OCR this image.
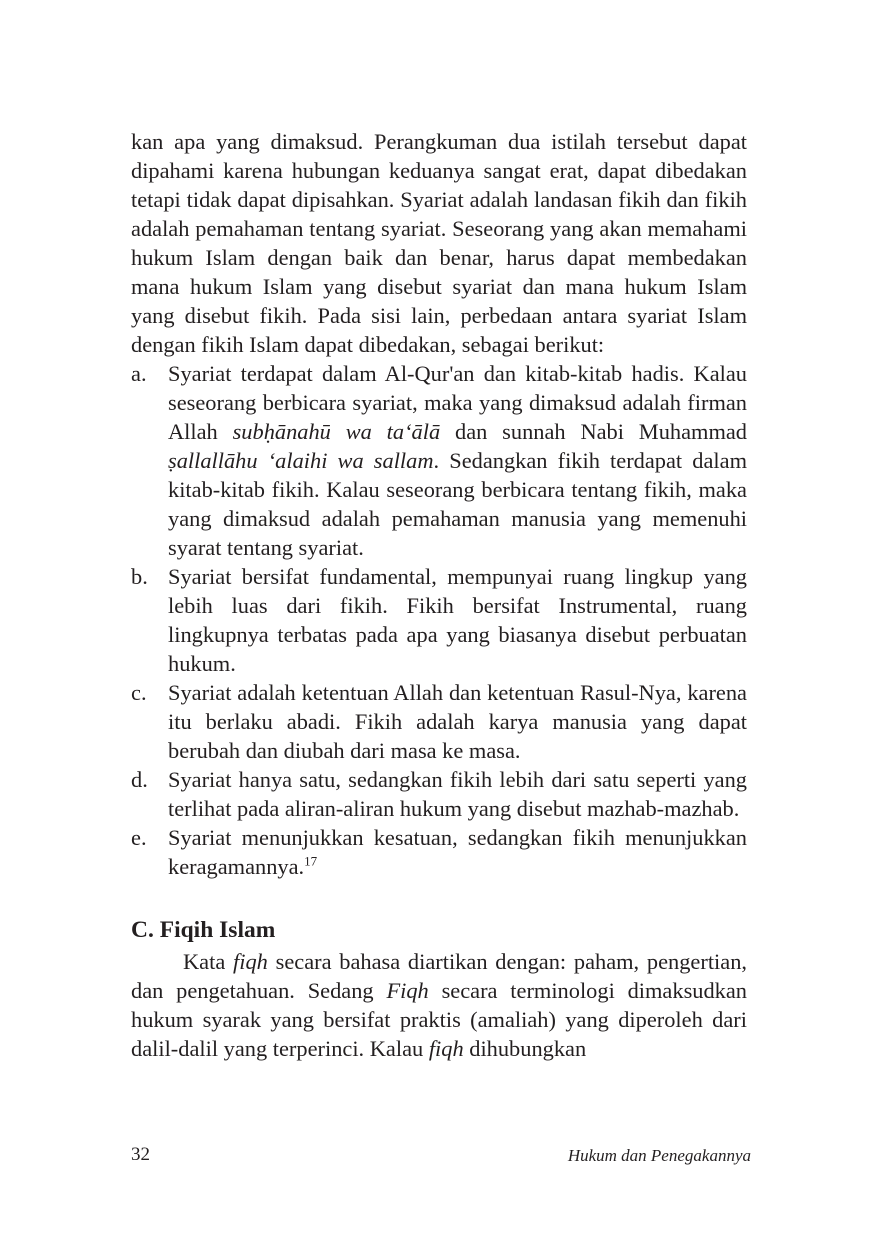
kan apa yang dimaksud. Perangkuman dua istilah tersebut dapat dipahami karena hubungan keduanya sangat erat, dapat dibedakan tetapi tidak dapat dipisahkan. Syariat adalah landasan fikih dan fikih adalah pemahaman tentang syariat. Seseorang yang akan memahami hukum Islam dengan baik dan benar, harus dapat membedakan mana hukum Islam yang disebut syariat dan mana hukum Islam yang disebut fikih. Pada sisi lain, perbedaan antara syariat Islam dengan fikih Islam dapat dibedakan, sebagai berikut:

a. Syariat terdapat dalam Al-Qur'an dan kitab-kitab hadis. Kalau seseorang berbicara syariat, maka yang dimaksud adalah firman Allah subḥānahū wa ta‘ālā dan sunnah Nabi Muhammad ṣallallāhu ‘alaihi wa sallam. Sedangkan fikih terdapat dalam kitab-kitab fikih. Kalau seseorang berbicara tentang fikih, maka yang dimaksud adalah pemahaman manusia yang memenuhi syarat tentang syariat.
b. Syariat bersifat fundamental, mempunyai ruang lingkup yang lebih luas dari fikih. Fikih bersifat Instrumental, ruang lingkupnya terbatas pada apa yang biasanya disebut perbuatan hukum.
c. Syariat adalah ketentuan Allah dan ketentuan Rasul-Nya, karena itu berlaku abadi. Fikih adalah karya manusia yang dapat berubah dan diubah dari masa ke masa.
d. Syariat hanya satu, sedangkan fikih lebih dari satu seperti yang terlihat pada aliran-aliran hukum yang disebut mazhab-mazhab.
e. Syariat menunjukkan kesatuan, sedangkan fikih menunjukkan keragamannya.$^{17}$
C. Fiqih Islam

Kata fiqh secara bahasa diartikan dengan: paham, pengertian, dan pengetahuan. Sedang Fiqh secara terminologi dimaksudkan hukum syarak yang bersifat praktis (amaliah) yang diperoleh dari dalil-dalil yang terperinci. Kalau fiqh dihubungkan

32	Hukum dan Penegakannya
